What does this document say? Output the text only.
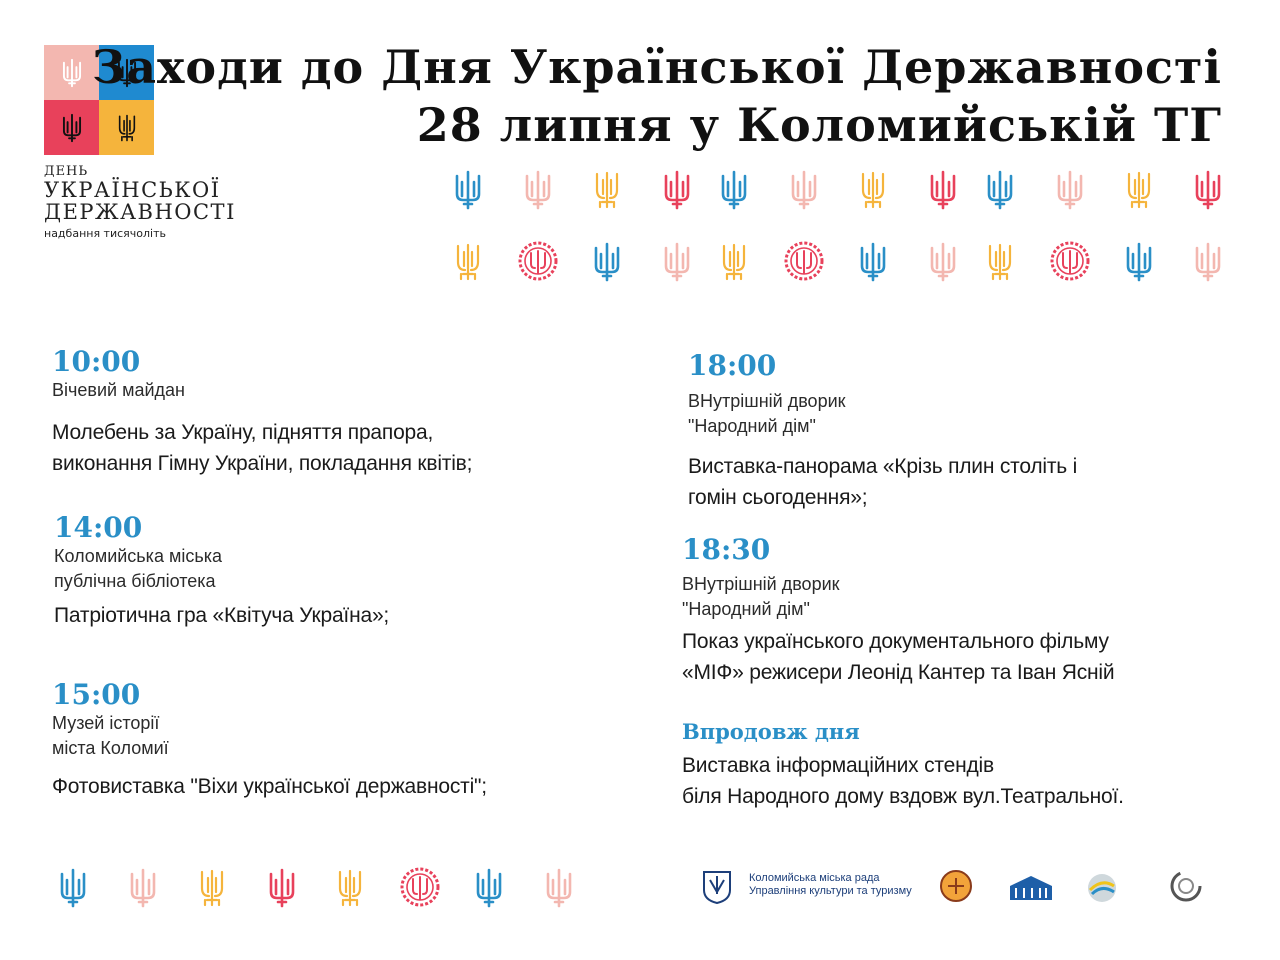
ДЕНЬ
УКРАЇНСЬКОЇ
ДЕРЖАВНОСТІ
надбання тисячоліть
Заходи до Дня Української Державності
28 липня у Коломийській ТГ
10:00
Вічевий майдан
Молебень за Україну, підняття прапора,
виконання Гімну України, покладання квітів;
14:00
Коломийська міська
публічна бібліотека
Патріотична гра «Квітуча Україна»;
15:00
Музей історії
міста Коломиї
Фотовиставка "Віхи української державності";
18:00
ВНутрішній дворик
"Народний дім"
Виставка-панорама «Крізь плин століть і
гомін сьогодення»;
18:30
ВНутрішній дворик
"Народний дім"
Показ українського документального фільму
«МІФ» режисери Леонід Кантер та Іван Ясній
Впродовж дня
Виставка інформаційних стендів
біля Народного дому вздовж вул.Театральної.
Коломийська міська рада
Управління культури та туризму
